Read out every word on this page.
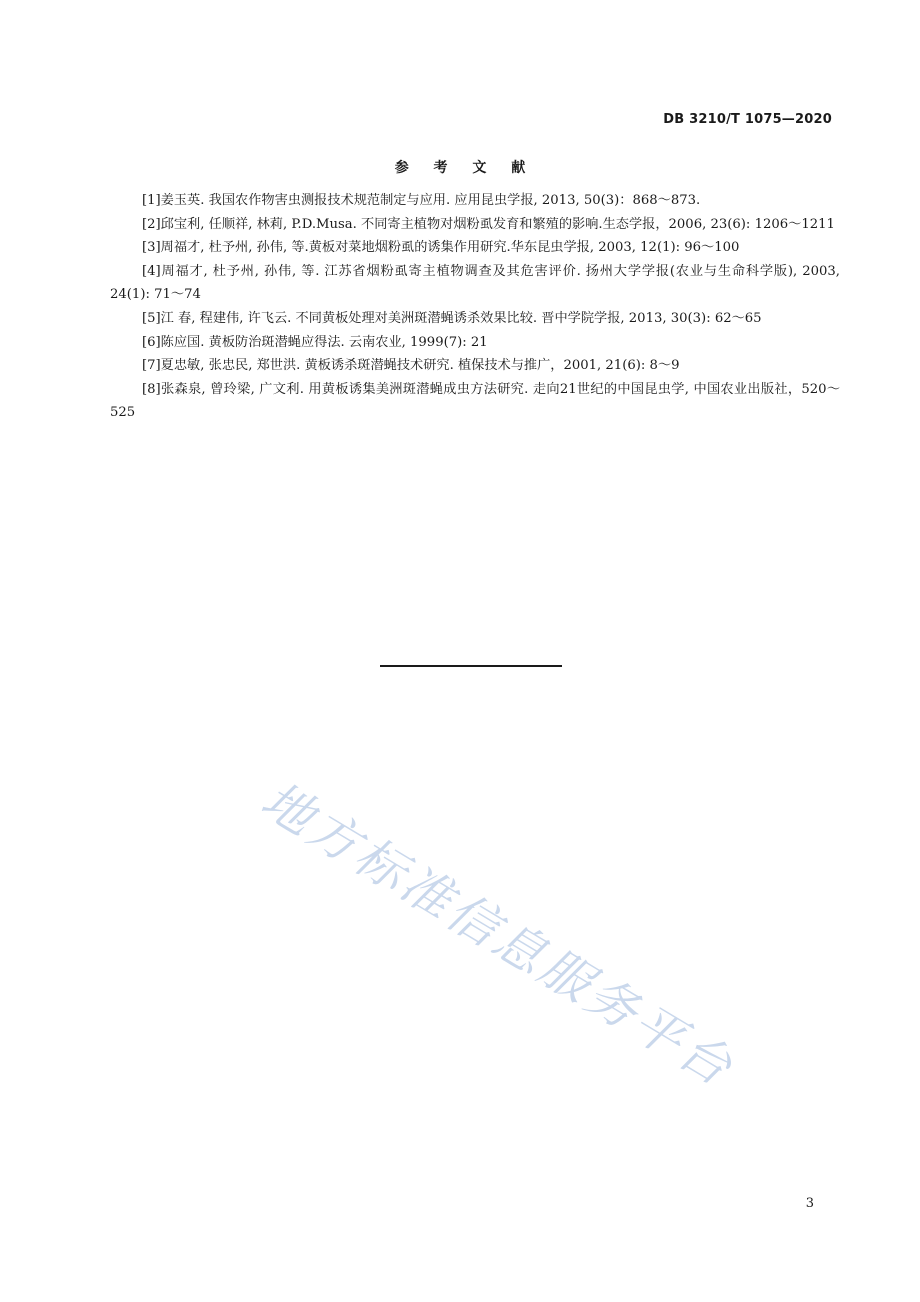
DB 3210/T 1075—2020
参 考 文 献
[1]姜玉英. 我国农作物害虫测报技术规范制定与应用. 应用昆虫学报, 2013, 50(3)：868～873.
[2]邱宝利, 任顺祥, 林莉, P.D.Musa. 不同寄主植物对烟粉虱发育和繁殖的影响.生态学报，2006, 23(6): 1206～1211
[3]周福才, 杜予州, 孙伟, 等.黄板对菜地烟粉虱的诱集作用研究.华东昆虫学报, 2003, 12(1): 96～100
[4]周福才, 杜予州, 孙伟, 等. 江苏省烟粉虱寄主植物调查及其危害评价. 扬州大学学报(农业与生命科学版), 2003, 24(1): 71～74
[5]江 春, 程建伟, 许飞云. 不同黄板处理对美洲斑潜蝇诱杀效果比较. 晋中学院学报, 2013, 30(3): 62～65
[6]陈应国. 黄板防治斑潜蝇应得法. 云南农业, 1999(7): 21
[7]夏忠敏, 张忠民, 郑世洪. 黄板诱杀斑潜蝇技术研究. 植保技术与推广，2001, 21(6): 8～9
[8]张森泉, 曾玲梁, 广文利. 用黄板诱集美洲斑潜蝇成虫方法研究. 走向21世纪的中国昆虫学, 中国农业出版社，520～525
地方标准信息服务平台
3
